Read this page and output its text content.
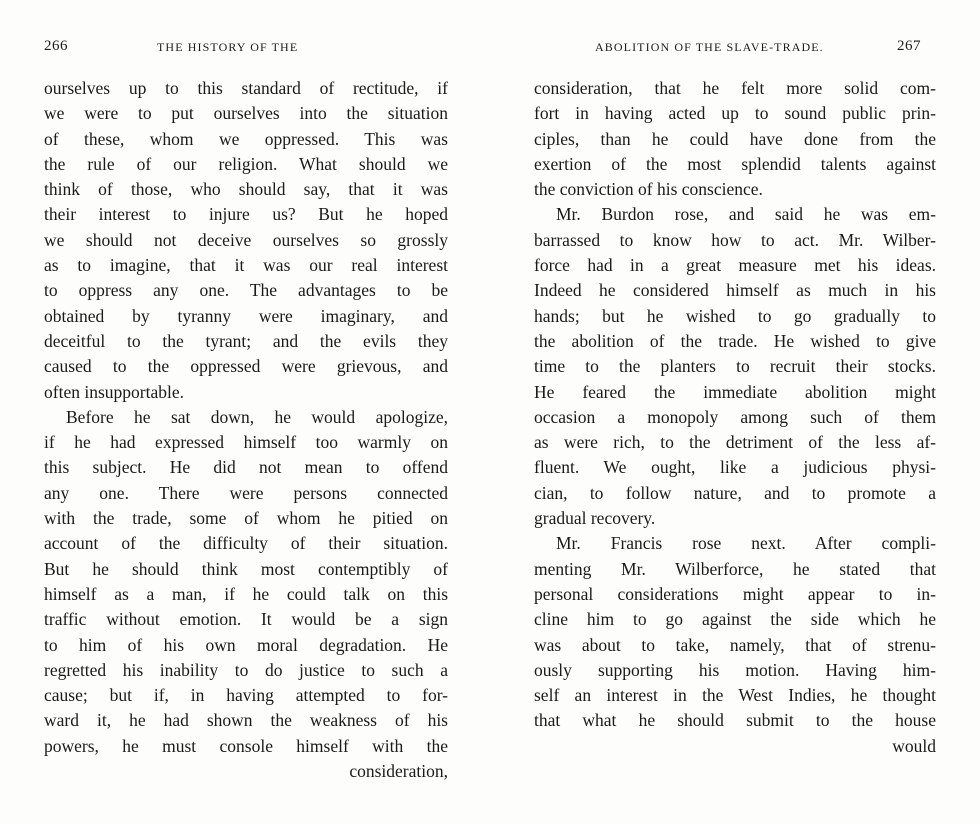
266	THE HISTORY OF THE
ourselves up to this standard of rectitude, if
we were to put ourselves into the situation
of these, whom we oppressed. This was
the rule of our religion. What should we
think of those, who should say, that it was
their interest to injure us? But he hoped
we should not deceive ourselves so grossly
as to imagine, that it was our real interest
to oppress any one. The advantages to be
obtained by tyranny were imaginary, and
deceitful to the tyrant; and the evils they
caused to the oppressed were grievous, and
often insupportable.
Before he sat down, he would apologize,
if he had expressed himself too warmly on
this subject. He did not mean to offend
any one. There were persons connected
with the trade, some of whom he pitied on
account of the difficulty of their situation.
But he should think most contemptibly of
himself as a man, if he could talk on this
traffic without emotion. It would be a sign
to him of his own moral degradation. He
regretted his inability to do justice to such a
cause; but if, in having attempted to for-
ward it, he had shown the weakness of his
powers, he must console himself with the
consideration,
ABOLITION OF THE SLAVE-TRADE.	267
consideration, that he felt more solid com-
fort in having acted up to sound public prin-
ciples, than he could have done from the
exertion of the most splendid talents against
the conviction of his conscience.
Mr. Burdon rose, and said he was em-
barrassed to know how to act. Mr. Wilber-
force had in a great measure met his ideas.
Indeed he considered himself as much in his
hands; but he wished to go gradually to
the abolition of the trade. He wished to give
time to the planters to recruit their stocks.
He feared the immediate abolition might
occasion a monopoly among such of them
as were rich, to the detriment of the less af-
fluent. We ought, like a judicious physi-
cian, to follow nature, and to promote a
gradual recovery.
Mr. Francis rose next. After compli-
menting Mr. Wilberforce, he stated that
personal considerations might appear to in-
cline him to go against the side which he
was about to take, namely, that of strenu-
ously supporting his motion. Having him-
self an interest in the West Indies, he thought
that what he should submit to the house
would
